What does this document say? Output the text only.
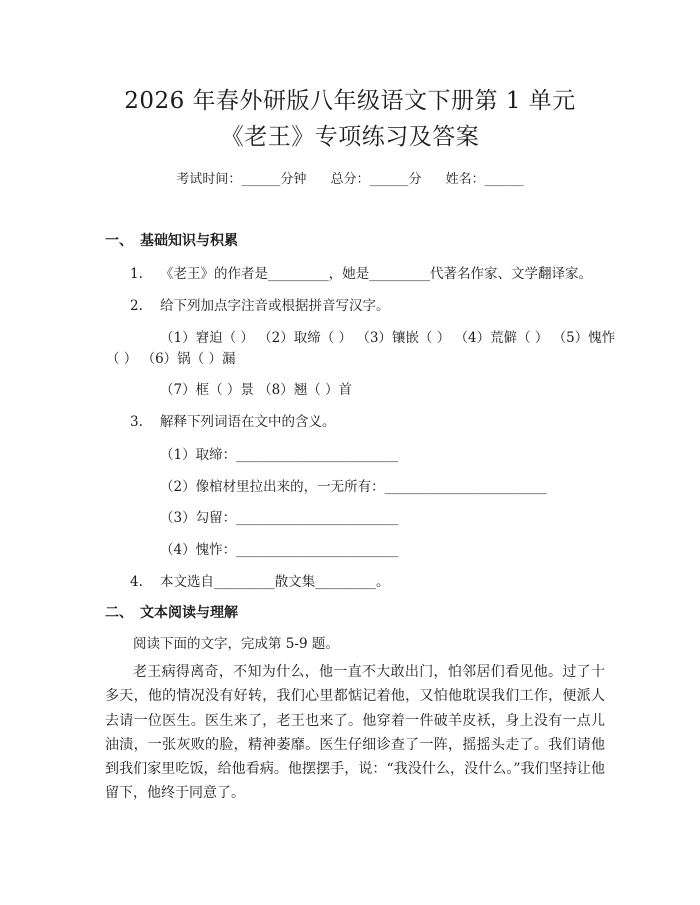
2026 年春外研版八年级语文下册第 1 单元
《老王》专项练习及答案
考试时间：______分钟 总分：______分 姓名：______
一、 基础知识与积累
1. 《老王》的作者是_________，她是_________代著名作家、文学翻译家。
2. 给下列加点字注音或根据拼音写汉字。
（1）窘迫（ ） （2）取缔（ ） （3）镶嵌（ ） （4）荒僻（ ） （5）愧怍
（ ） （6）锅（ ）漏
（7）框（ ）景 （8）翘（ ）首
3. 解释下列词语在文中的含义。
（1）取缔：________________________
（2）像棺材里拉出来的，一无所有：________________________
（3）勾留：________________________
（4）愧怍：________________________
4. 本文选自_________散文集_________。
二、 文本阅读与理解
阅读下面的文字，完成第 5-9 题。
老王病得离奇，不知为什么，他一直不大敢出门，怕邻居们看见他。过了十多天，他的情况没有好转，我们心里都惦记着他，又怕他耽误我们工作，便派人去请一位医生。医生来了，老王也来了。他穿着一件破羊皮袄，身上没有一点儿油渍，一张灰败的脸，精神萎靡。医生仔细诊查了一阵，摇摇头走了。我们请他到我们家里吃饭，给他看病。他摆摆手，说：“我没什么，没什么。”我们坚持让他留下，他终于同意了。
